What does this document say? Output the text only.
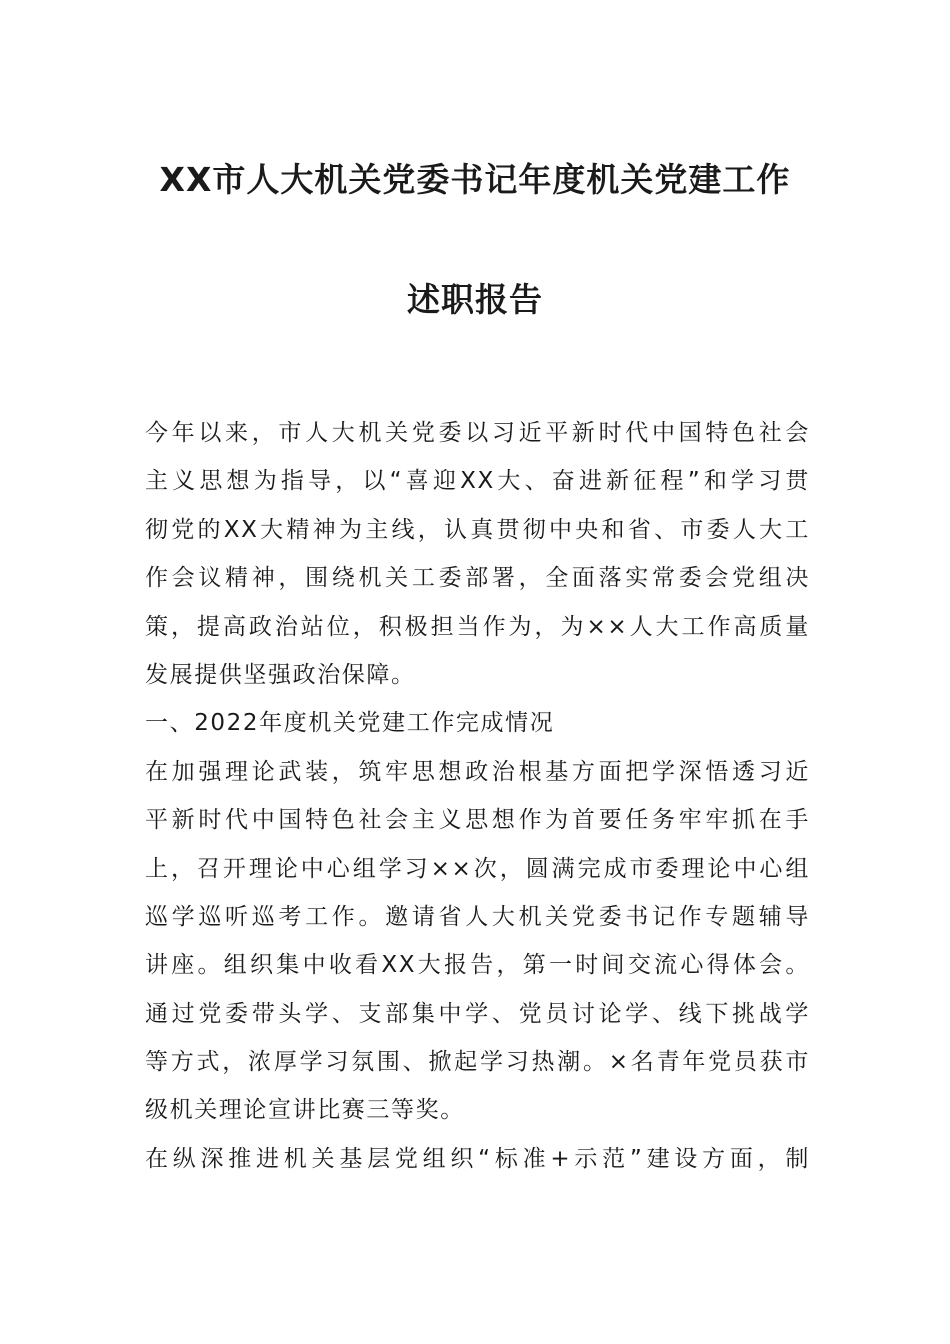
XX市人大机关党委书记年度机关党建工作
述职报告
今年以来，市人大机关党委以习近平新时代中国特色社会
主义思想为指导，以“喜迎XX大、奋进新征程”和学习贯
彻党的XX大精神为主线，认真贯彻中央和省、市委人大工
作会议精神，围绕机关工委部署，全面落实常委会党组决
策，提高政治站位，积极担当作为，为××人大工作高质量
发展提供坚强政治保障。
一、2022年度机关党建工作完成情况
在加强理论武装，筑牢思想政治根基方面把学深悟透习近
平新时代中国特色社会主义思想作为首要任务牢牢抓在手
上，召开理论中心组学习××次，圆满完成市委理论中心组
巡学巡听巡考工作。邀请省人大机关党委书记作专题辅导
讲座。组织集中收看XX大报告，第一时间交流心得体会。
通过党委带头学、支部集中学、党员讨论学、线下挑战学
等方式，浓厚学习氛围、掀起学习热潮。×名青年党员获市
级机关理论宣讲比赛三等奖。
在纵深推进机关基层党组织“标准+示范”建设方面，制
